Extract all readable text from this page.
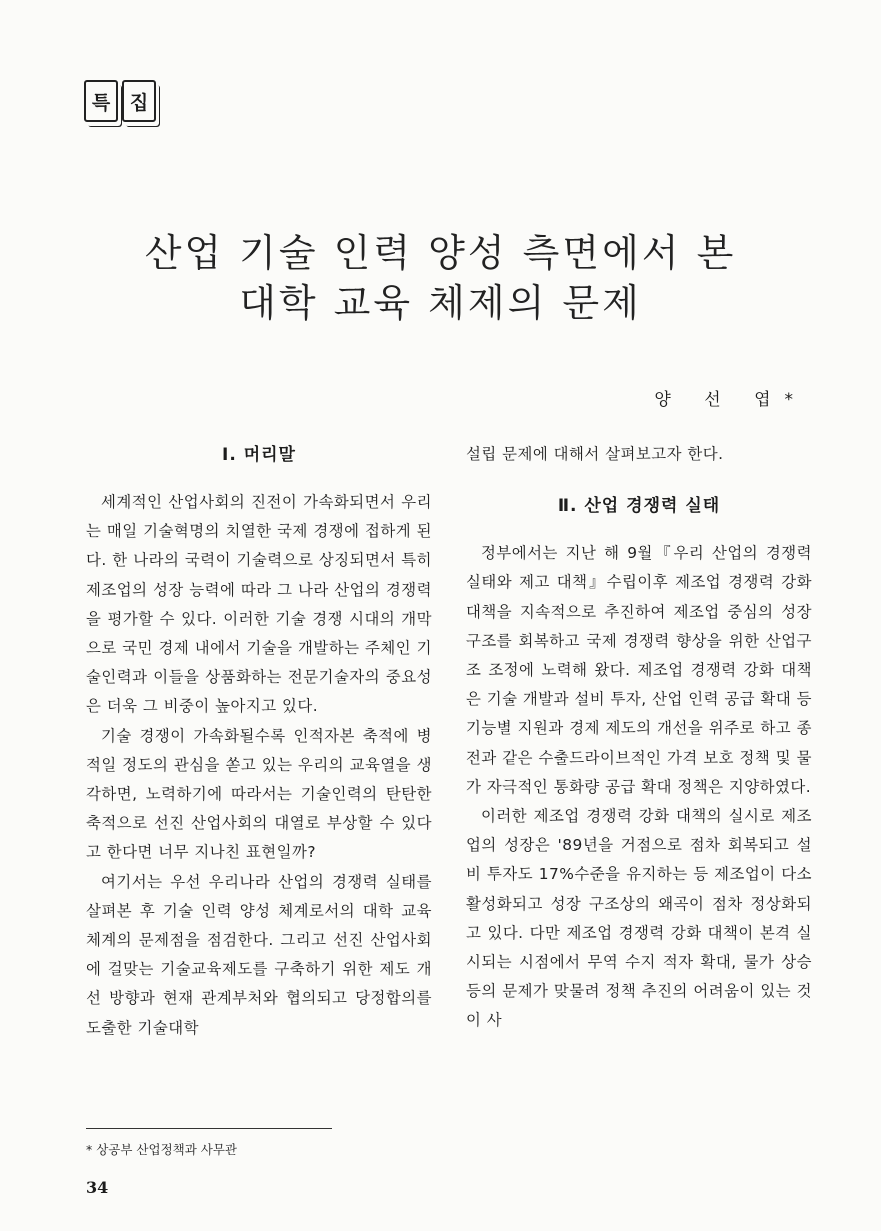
특	집
산업 기술 인력 양성 측면에서 본
대학 교육 체제의 문제
양 선 엽*
Ⅰ. 머리말

세계적인 산업사회의 진전이 가속화되면서 우리는 매일 기술혁명의 치열한 국제 경쟁에 접하게 된다. 한 나라의 국력이 기술력으로 상징되면서 특히 제조업의 성장 능력에 따라 그 나라 산업의 경쟁력을 평가할 수 있다. 이러한 기술 경쟁 시대의 개막으로 국민 경제 내에서 기술을 개발하는 주체인 기술인력과 이들을 상품화하는 전문기술자의 중요성은 더욱 그 비중이 높아지고 있다.

기술 경쟁이 가속화될수록 인적자본 축적에 병적일 정도의 관심을 쏟고 있는 우리의 교육열을 생각하면, 노력하기에 따라서는 기술인력의 탄탄한 축적으로 선진 산업사회의 대열로 부상할 수 있다고 한다면 너무 지나친 표현일까?

여기서는 우선 우리나라 산업의 경쟁력 실태를 살펴본 후 기술 인력 양성 체계로서의 대학 교육 체계의 문제점을 점검한다. 그리고 선진 산업사회에 걸맞는 기술교육제도를 구축하기 위한 제도 개선 방향과 현재 관계부처와 협의되고 당정합의를 도출한 기술대학

설립 문제에 대해서 살펴보고자 한다.

Ⅱ. 산업 경쟁력 실태

정부에서는 지난 해 9월『우리 산업의 경쟁력 실태와 제고 대책』수립이후 제조업 경쟁력 강화 대책을 지속적으로 추진하여 제조업 중심의 성장 구조를 회복하고 국제 경쟁력 향상을 위한 산업구조 조정에 노력해 왔다. 제조업 경쟁력 강화 대책은 기술 개발과 설비 투자, 산업 인력 공급 확대 등 기능별 지원과 경제 제도의 개선을 위주로 하고 종전과 같은 수출드라이브적인 가격 보호 정책 및 물가 자극적인 통화량 공급 확대 정책은 지양하였다.

이러한 제조업 경쟁력 강화 대책의 실시로 제조업의 성장은 '89년을 거점으로 점차 회복되고 설비 투자도 17%수준을 유지하는 등 제조업이 다소 활성화되고 성장 구조상의 왜곡이 점차 정상화되고 있다. 다만 제조업 경쟁력 강화 대책이 본격 실시되는 시점에서 무역 수지 적자 확대, 물가 상승 등의 문제가 맞물려 정책 추진의 어려움이 있는 것이 사

* 상공부 산업정책과 사무관
34
